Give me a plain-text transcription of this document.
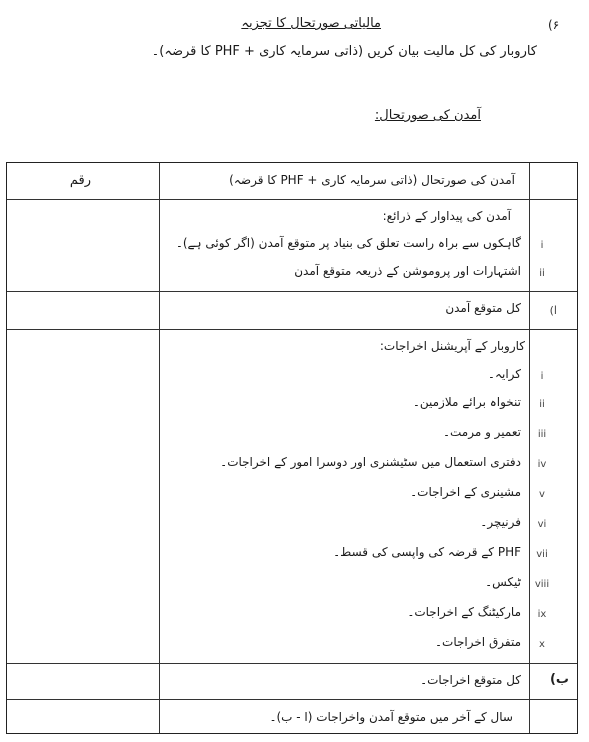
۶)
مالیاتی صورتحال کا تجزیہ
کاروبار کی کل مالیت بیان کریں (ذاتی سرمایہ کاری + PHF کا قرضہ)۔
آمدن کی صورتحال:
رقم	آمدن کی صورتحال (ذاتی سرمایہ کاری + PHF کا قرضہ)
آمدن کی پیداوار کے ذرائع:
i
گاہکوں سے براہ راست تعلق کی بنیاد پر متوقع آمدن (اگر کوئی ہے)۔
ii
اشتہارات اور پروموشن کے ذریعہ متوقع آمدن
ا)
کل متوقع آمدن
کاروبار کے آپریشنل اخراجات:
i
کرایہ۔
ii
تنخواہ برائے ملازمین۔
iii
تعمیر و مرمت۔
iv
دفتری استعمال میں سٹیشنری اور دوسرا امور کے اخراجات۔
v
مشینری کے اخراجات۔
vi
فرنیچر۔
vii
PHF کے قرضہ کی واپسی کی قسط۔
viii
ٹیکس۔
ix
مارکیٹنگ کے اخراجات۔
x
متفرق اخراجات۔
ب)
کل متوقع اخراجات۔
سال کے آخر میں متوقع آمدن واخراجات (ا - ب)۔
